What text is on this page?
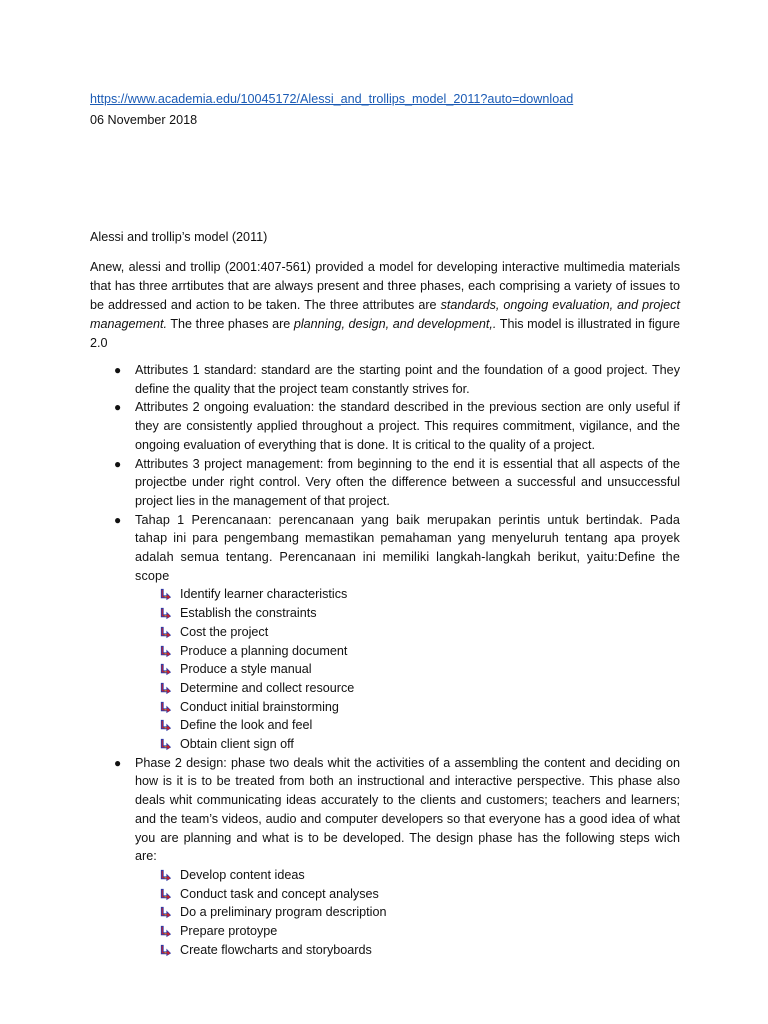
https://www.academia.edu/10045172/Alessi_and_trollips_model_2011?auto=download
06 November 2018
Alessi and trollip’s model (2011)

Anew, alessi and trollip (2001:407-561) provided a model for developing interactive multimedia materials that has three arrtibutes that are always present and three phases, each comprising a variety of issues to be addressed and action to be taken. The three attributes are standards, ongoing evaluation, and project management. The three phases are planning, design, and development,. This model is illustrated in figure 2.0

● Attributes 1 standard: standard are the starting point and the foundation of a good project. They define the quality that the project team constantly strives for.
● Attributes 2 ongoing evaluation: the standard described in the previous section are only useful if they are consistently applied throughout a project. This requires commitment, vigilance, and the ongoing evaluation of everything that is done. It is critical to the quality of a project.
● Attributes 3 project management: from beginning to the end it is essential that all aspects of the projectbe under right control. Very often the difference between a successful and unsuccessful project lies in the management of that project.
● Tahap 1 Perencanaan: perencanaan yang baik merupakan perintis untuk bertindak. Pada tahap ini para pengembang memastikan pemahaman yang menyeluruh tentang apa proyek adalah semua tentang. Perencanaan ini memiliki langkah-langkah berikut, yaitu:Define the scope
Identify learner characteristics
Establish the constraints
Cost the project
Produce a planning document
Produce a style manual
Determine and collect resource
Conduct initial brainstorming
Define the look and feel
Obtain client sign off
● Phase 2 design: phase two deals whit the activities of a assembling the content and deciding on how is it is to be treated from both an instructional and interactive perspective. This phase also deals whit communicating ideas accurately to the clients and customers; teachers and learners; and the team’s videos, audio and computer developers so that everyone has a good idea of what you are planning and what is to be developed. The design phase has the following steps wich are:
Develop content ideas
Conduct task and concept analyses
Do a preliminary program description
Prepare protoype
Create flowcharts and storyboards
